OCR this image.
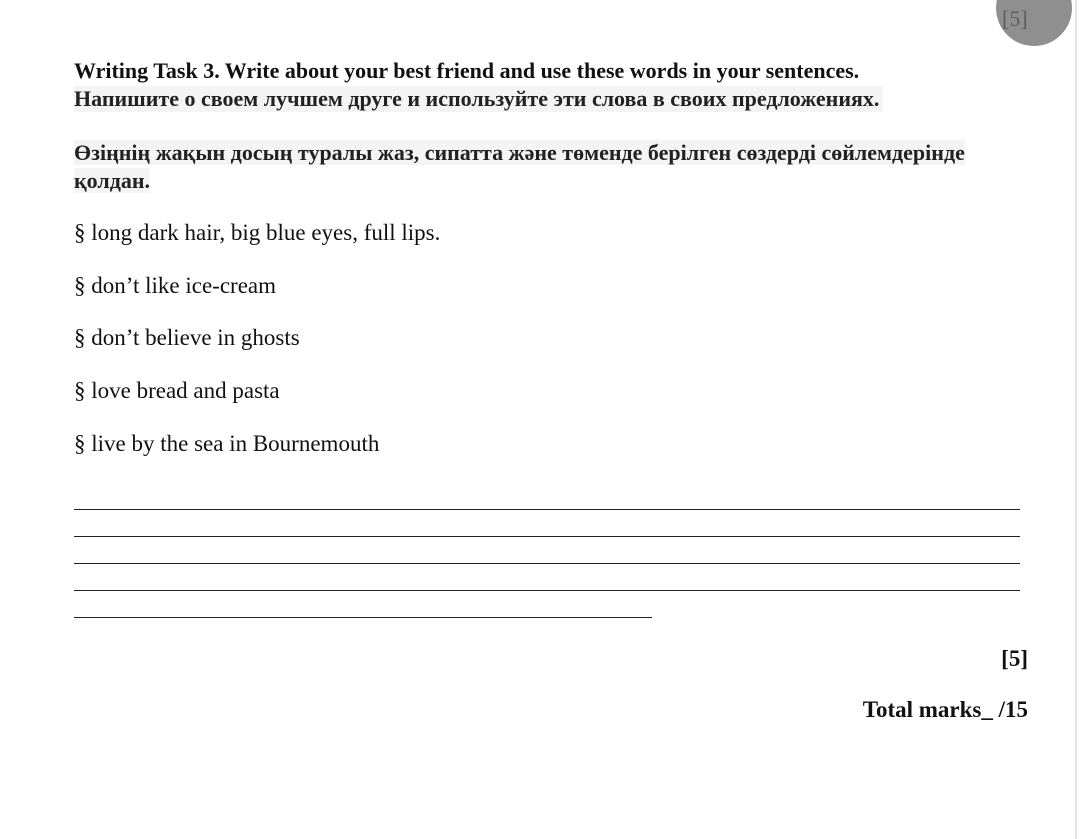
[5]
Writing Task 3. Write about your best friend and use these words in your sentences.
Напишите о своем лучшем друге и используйте эти слова в своих предложениях.
Өзіңнің жақын досың туралы жаз, сипатта және төменде берілген сөздерді сөйлемдерінде қолдан.
§ long dark hair, big blue eyes, full lips.
§ don’t like ice-cream
§ don’t believe in ghosts
§ love bread and pasta
§ live by the sea in Bournemouth
[5]
Total marks_ /15
